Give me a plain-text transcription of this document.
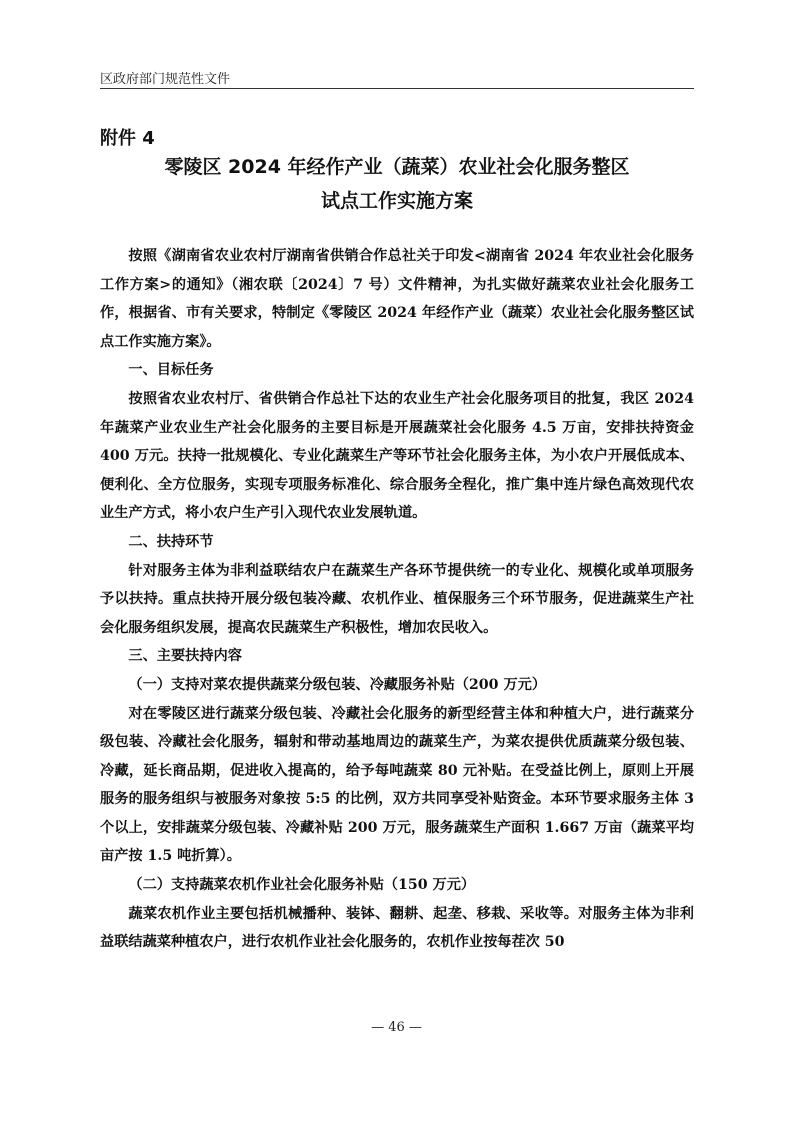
区政府部门规范性文件
附件 4
零陵区 2024 年经作产业（蔬菜）农业社会化服务整区
试点工作实施方案

按照《湖南省农业农村厅湖南省供销合作总社关于印发<湖南省 2024 年农业社会化服务工作方案>的通知》（湘农联〔2024〕7 号）文件精神，为扎实做好蔬菜农业社会化服务工作，根据省、市有关要求，特制定《零陵区 2024 年经作产业（蔬菜）农业社会化服务整区试点工作实施方案》。

一、目标任务

按照省农业农村厅、省供销合作总社下达的农业生产社会化服务项目的批复，我区 2024 年蔬菜产业农业生产社会化服务的主要目标是开展蔬菜社会化服务 4.5 万亩，安排扶持资金 400 万元。扶持一批规模化、专业化蔬菜生产等环节社会化服务主体，为小农户开展低成本、便利化、全方位服务，实现专项服务标准化、综合服务全程化，推广集中连片绿色高效现代农业生产方式，将小农户生产引入现代农业发展轨道。

二、扶持环节

针对服务主体为非利益联结农户在蔬菜生产各环节提供统一的专业化、规模化或单项服务予以扶持。重点扶持开展分级包装冷藏、农机作业、植保服务三个环节服务，促进蔬菜生产社会化服务组织发展，提高农民蔬菜生产积极性，增加农民收入。

三、主要扶持内容
（一）支持对菜农提供蔬菜分级包装、冷藏服务补贴（200 万元）

对在零陵区进行蔬菜分级包装、冷藏社会化服务的新型经营主体和种植大户，进行蔬菜分级包装、冷藏社会化服务，辐射和带动基地周边的蔬菜生产，为菜农提供优质蔬菜分级包装、冷藏，延长商品期，促进收入提高的，给予每吨蔬菜 80 元补贴。在受益比例上，原则上开展服务的服务组织与被服务对象按 5:5 的比例，双方共同享受补贴资金。本环节要求服务主体 3 个以上，安排蔬菜分级包装、冷藏补贴 200 万元，服务蔬菜生产面积 1.667 万亩（蔬菜平均亩产按 1.5 吨折算）。

（二）支持蔬菜农机作业社会化服务补贴（150 万元）

蔬菜农机作业主要包括机械播种、装钵、翻耕、起垄、移栽、采收等。对服务主体为非利益联结蔬菜种植农户，进行农机作业社会化服务的，农机作业按每茬次 50

— 46 —
